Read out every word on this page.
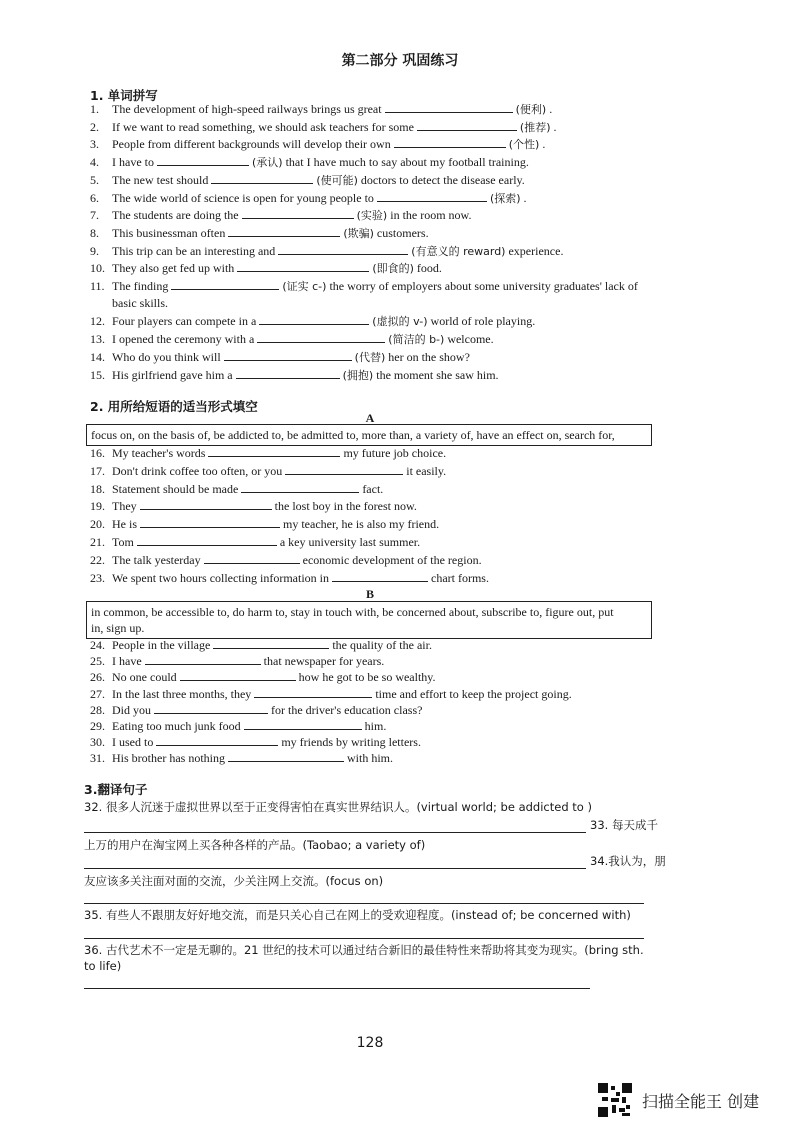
第二部分 巩固练习
1. 单词拼写
1. The development of high-speed railways brings us great	(便利) .
2. If we want to read something, we should ask teachers for some	(推荐) .
3. People from different backgrounds will develop their own	(个性) .
4. I have to	(承认) that I have much to say about my football training.
5. The new test should	(使可能) doctors to detect the disease early.
6. The wide world of science is open for young people to	(探索) .
7. The students are doing the	(实验) in the room now.
8. This businessman often	(欺骗) customers.
9. This trip can be an interesting and	(有意义的 reward) experience.
10. They also get fed up with	(即食的) food.
11. The finding	(证实 c-) the worry of employers about some university graduates' lack of
basic skills.
12. Four players can compete in a	(虚拟的 v-) world of role playing.
13. I opened the ceremony with a	(简洁的 b-) welcome.
14. Who do you think will	(代替) her on the show?
15. His girlfriend gave him a	(拥抱) the moment she saw him.
2. 用所给短语的适当形式填空
A
focus on, on the basis of, be addicted to, be admitted to, more than, a variety of, have an effect on, search for,
16. My teacher's words	my future job choice.
17. Don't drink coffee too often, or you	it easily.
18. Statement should be made	fact.
19. They	the lost boy in the forest now.
20. He is	my teacher, he is also my friend.
21. Tom	a key university last summer.
22. The talk yesterday	economic development of the region.
23. We spent two hours collecting information in	chart forms.
B
in common, be accessible to, do harm to, stay in touch with, be concerned about, subscribe to, figure out, put
in, sign up.
24. People in the village	the quality of the air.
25. I have	that newspaper for years.
26. No one could	how he got to be so wealthy.
27. In the last three months, they	time and effort to keep the project going.
28. Did you	for the driver's education class?
29. Eating too much junk food	him.
30. I used to	my friends by writing letters.
31. His brother has nothing	with him.
3.翻译句子
32. 很多人沉迷于虚拟世界以至于正变得害怕在真实世界结识人。(virtual world; be addicted to )
33. 每天成千
上万的用户在淘宝网上买各种各样的产品。(Taobao; a variety of)
34.我认为，朋
友应该多关注面对面的交流，少关注网上交流。(focus on)
35. 有些人不跟朋友好好地交流，而是只关心自己在网上的受欢迎程度。(instead of; be concerned with)
36. 古代艺术不一定是无聊的。21 世纪的技术可以通过结合新旧的最佳特性来帮助将其变为现实。(bring sth.
to life)
128
扫描全能王 创建
